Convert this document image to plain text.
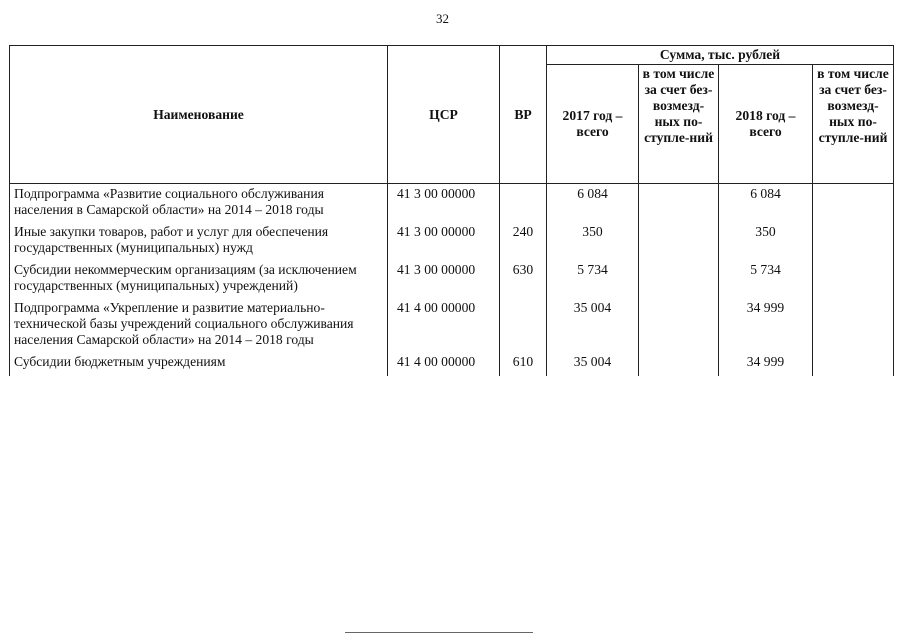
32
Наименование	ЦСР	ВР	Сумма, тыс. рублей			
			2017 год – всего	в том числе за счет без-возмезд-ных по-ступле-ний	2018 год – всего	в том числе за счет без-возмезд-ных по-ступле-ний
Подпрограмма «Развитие социального обслуживания населения в Самарской области» на 2014 – 2018 годы	41 3 00 00000		6 084		6 084	
Иные закупки товаров, работ и услуг для обеспечения государственных (муниципальных) нужд	41 3 00 00000	240	350		350	
Субсидии некоммерческим организациям (за исключением государственных (муниципальных) учреждений)	41 3 00 00000	630	5 734		5 734	
Подпрограмма «Укрепление и развитие материально-технической базы учреждений социального обслуживания населения Самарской области» на 2014 – 2018 годы	41 4 00 00000		35 004		34 999	
Субсидии бюджетным учреждениям	41 4 00 00000	610	35 004		34 999	
